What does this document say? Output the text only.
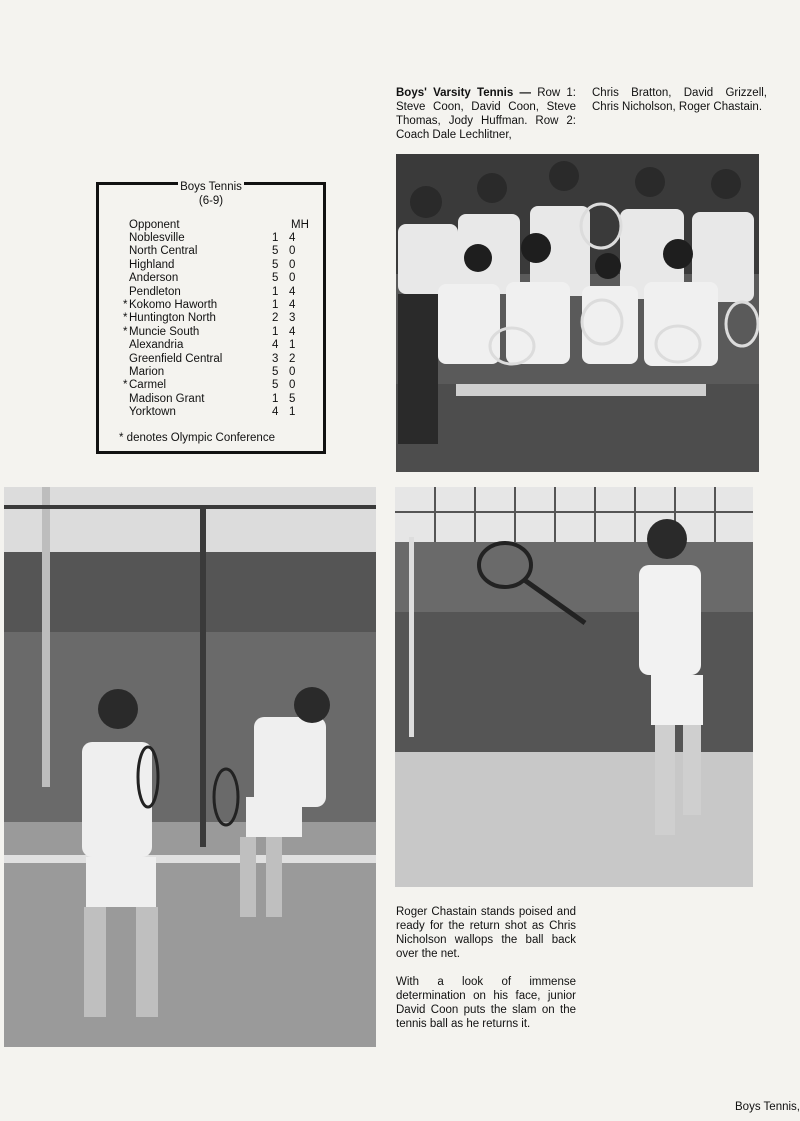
Boys' Varsity Tennis — Row 1: Steve Coon, David Coon, Steve Thomas, Jody Huffman. Row 2: Coach Dale Lechlitner,
Chris Bratton, David Grizzell, Chris Nicholson, Roger Chastain.
Boys Tennis
(6-9)
Opponent	MH
Noblesville	1 4
North Central	5 0
Highland	5 0
Anderson	5 0
Pendleton	1 4
* Kokomo Haworth	1 4
* Huntington North	2 3
* Muncie South	1 4
Alexandria	4 1
Greenfield Central	3 2
Marion	5 0
* Carmel	5 0
Madison Grant	1 5
Yorktown	4 1
* denotes Olympic Conference

Roger Chastain stands poised and ready for the return shot as Chris Nicholson wallops the ball back over the net.

With a look of immense determination on his face, junior David Coon puts the slam on the tennis ball as he returns it.

Boys Tennis,
